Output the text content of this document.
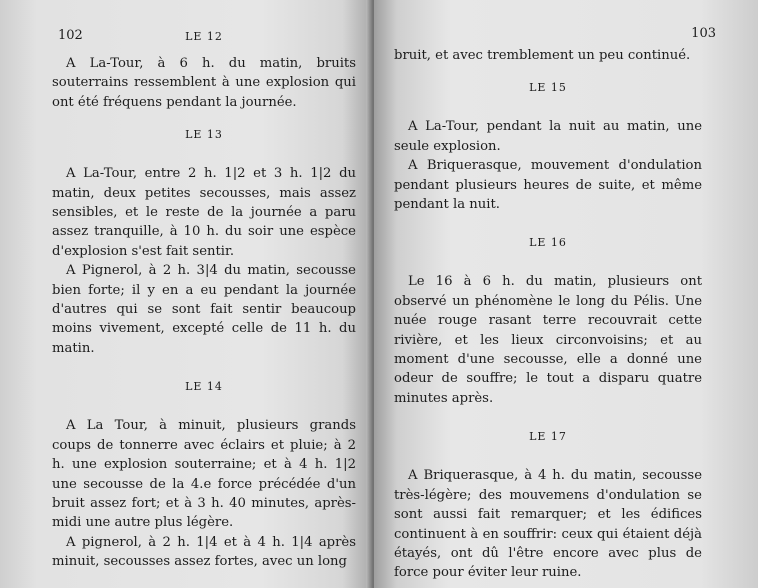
102	LE 12

A La-Tour, à 6 h. du matin, bruits souterrains ressemblent à une explosion qui ont été fréquens pendant la journée.

LE 13

A La-Tour, entre 2 h. 1|2 et 3 h. 1|2 du matin, deux petites secousses, mais assez sensibles, et le reste de la journée a paru assez tranquille, à 10 h. du soir une espèce d'explosion s'est fait sentir.

A Pignerol, à 2 h. 3|4 du matin, secousse bien forte; il y en a eu pendant la journée d'autres qui se sont fait sentir beaucoup moins vivement, excepté celle de 11 h. du matin.

LE 14

A La Tour, à minuit, plusieurs grands coups de tonnerre avec éclairs et pluie; à 2 h. une explosion souterraine; et à 4 h. 1|2 une secousse de la 4.e force précédée d'un bruit assez fort; et à 3 h. 40 minutes, après-midi une autre plus légère.

A pignerol, à 2 h. 1|4 et à 4 h. 1|4 après minuit, secousses assez fortes, avec un long

103

bruit, et avec tremblement un peu continué.

LE 15

A La-Tour, pendant la nuit au matin, une seule explosion.

A Briquerasque, mouvement d'ondulation pendant plusieurs heures de suite, et même pendant la nuit.

LE 16

Le 16 à 6 h. du matin, plusieurs ont observé un phénomène le long du Pélis. Une nuée rouge rasant terre recouvrait cette rivière, et les lieux circonvoisins; et au moment d'une secousse, elle a donné une odeur de souffre; le tout a disparu quatre minutes après.

LE 17

A Briquerasque, à 4 h. du matin, secousse très-légère; des mouvemens d'ondulation se sont aussi fait remarquer; et les édifices continuent à en souffrir: ceux qui étaient déjà étayés, ont dû l'être encore avec plus de force pour éviter leur ruine.
